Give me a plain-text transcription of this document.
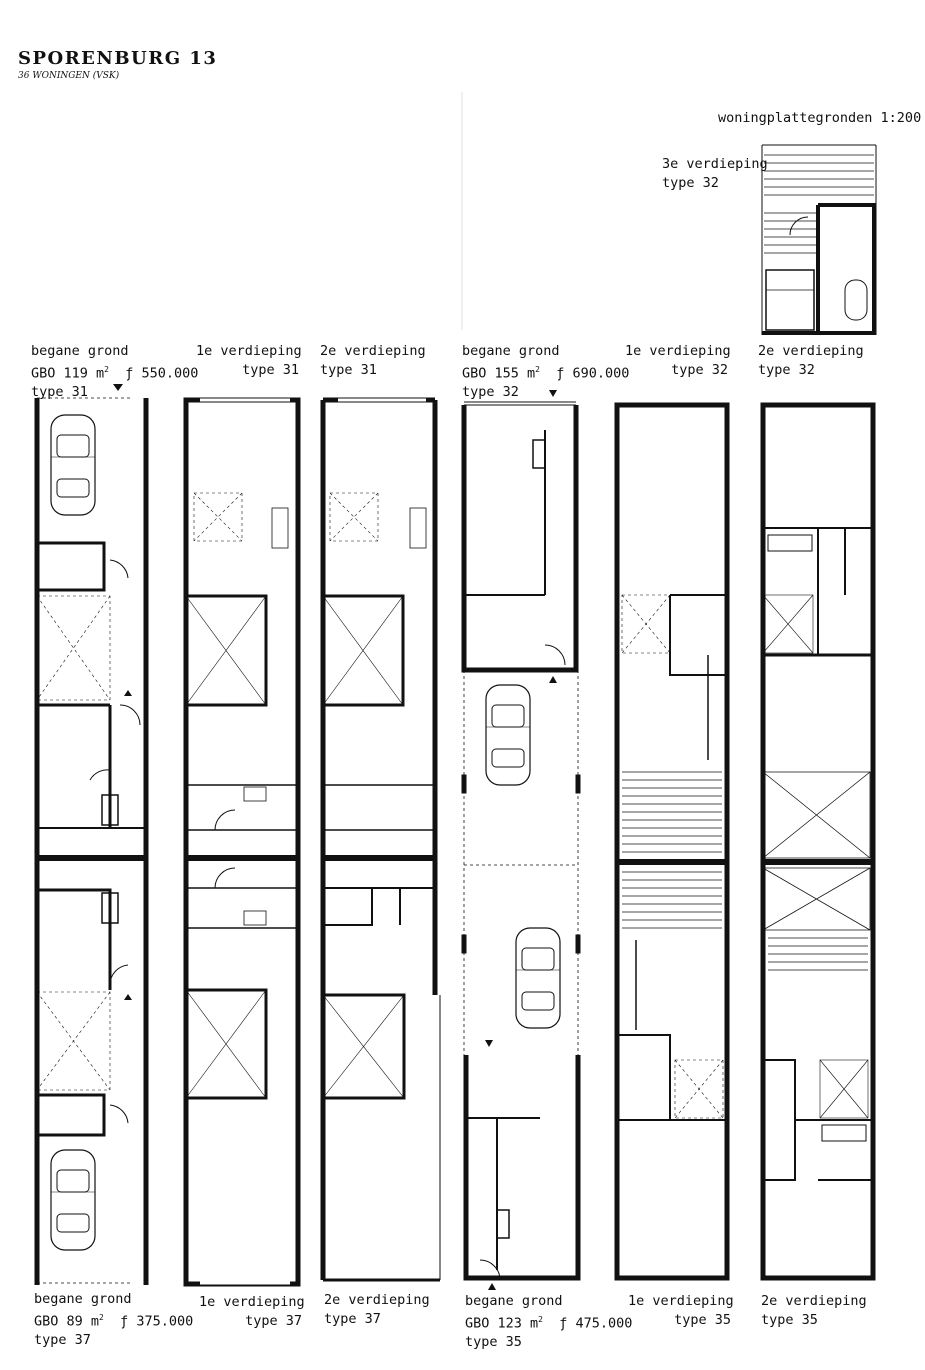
SPORENBURG 13
36 WONINGEN (VSK)
woningplattegronden 1:200
3e verdieping
type 32
begane grond
GBO 119 $m^2$ ƒ 550.000
type 31
1e verdieping
type 31
2e verdieping
type 31
begane grond
GBO 155 $m^2$ ƒ 690.000
type 32
1e verdieping
type 32
2e verdieping
type 32
begane grond
GBO 89 $m^2$ ƒ 375.000
type 37
1e verdieping
type 37
2e verdieping
type 37
begane grond
GBO 123 $m^2$ ƒ 475.000
type 35
1e verdieping
type 35
2e verdieping
type 35
